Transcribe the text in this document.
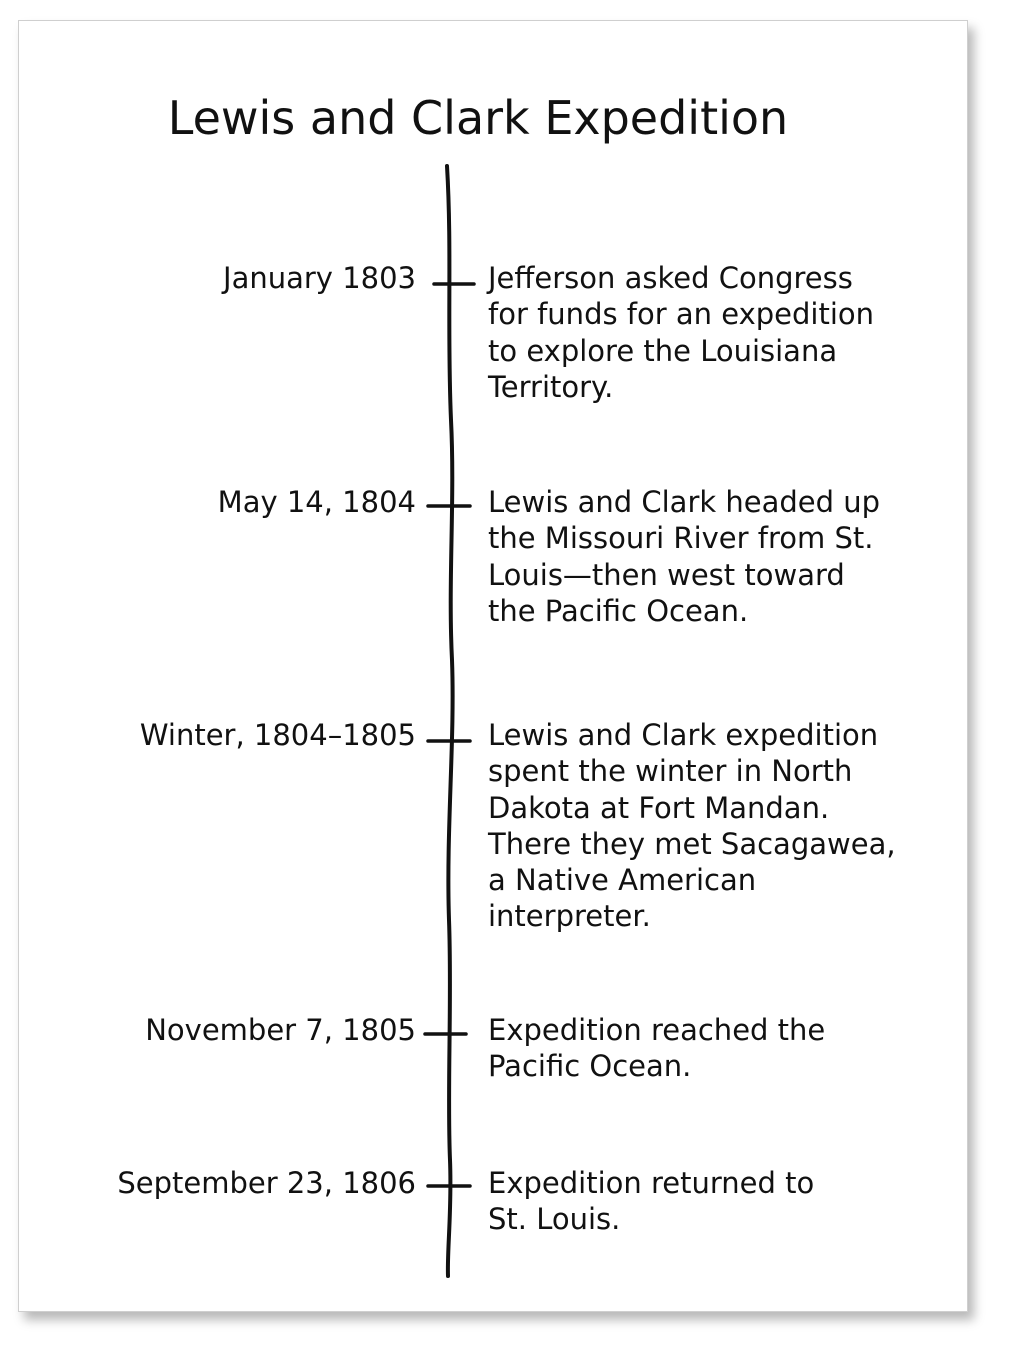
Lewis and Clark Expedition
January 1803 Jefferson asked Congress
for funds for an expedition
to explore the Louisiana
Territory.
May 14, 1804 Lewis and Clark headed up
the Missouri River from St.
Louis—then west toward
the Pacific Ocean.
Winter, 1804–1805 Lewis and Clark expedition
spent the winter in North
Dakota at Fort Mandan.
There they met Sacagawea,
a Native American
interpreter.
November 7, 1805 Expedition reached the
Pacific Ocean.
September 23, 1806 Expedition returned to
St. Louis.
